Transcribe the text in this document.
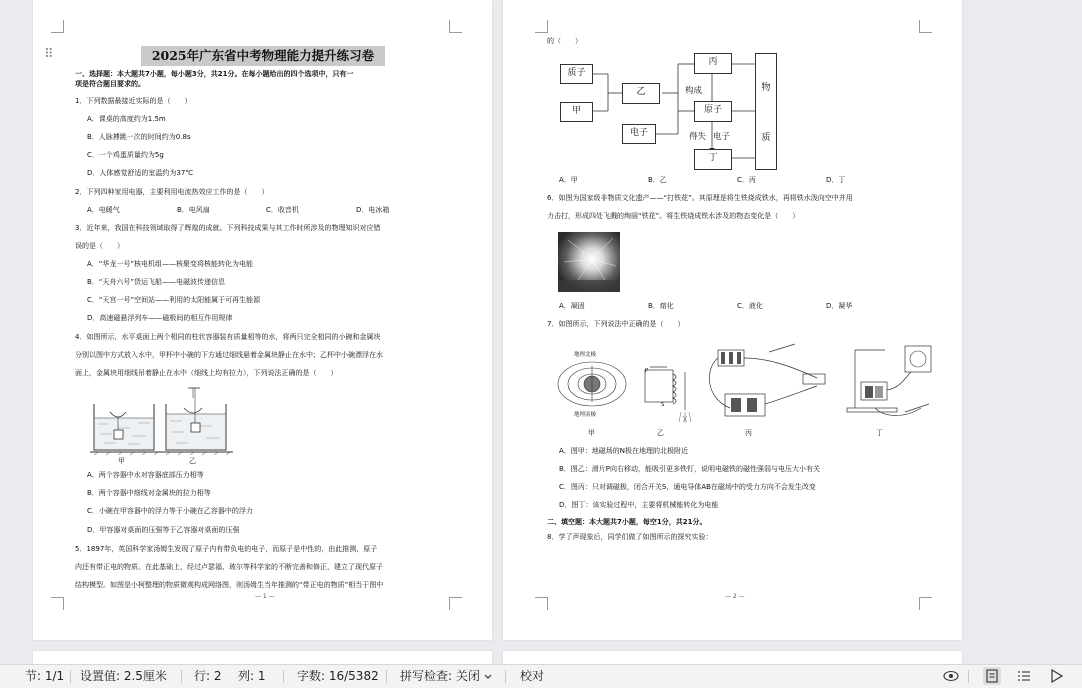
⠿	2025年广东省中考物理能力提升练习卷
一、选择题：本大题共7小题，每小题3分，共21分。在每小题给出的四个选项中，只有一
项是符合题目要求的。
1．下列数据最接近实际的是（　　）
A．课桌的高度约为1.5m
B．人脉搏跳一次的时间约为0.8s
C．一个鸡蛋质量约为5g
D．人体感觉舒适的室温约为37℃
2．下列四种家用电器，主要利用电流热效应工作的是（　　）
A．电暖气	B．电风扇	C．收音机	D．电冰箱
3．近年来，我国在科技领域取得了辉煌的成就。下列科技成果与其工作时所涉及的物理知识对应错
误的是（　　）
A．“华龙一号”核电机组——核聚变将核能转化为电能
B．“天舟六号”货运飞船——电磁波传递信息
C．“天宫一号”空间站——利用的太阳能属于可再生能源
D．高速磁悬浮列车——磁极间的相互作用规律
4．如图所示，水平桌面上两个相同的柱状容器装有质量相等的水，将两只完全相同的小碗和金属块
分别以图中方式放入水中，甲杯中小碗的下方通过细线悬着金属块静止在水中；乙杯中小碗漂浮在水
面上，金属块用细线吊着静止在水中（细线上均有拉力），下列说法正确的是（　　）
甲	乙
A．两个容器中水对容器底部压力相等
B．两个容器中细线对金属块的拉力相等
C．小碗在甲容器中的浮力等于小碗在乙容器中的浮力
D．甲容器对桌面的压强等于乙容器对桌面的压强
5．1897年，英国科学家汤姆生发现了原子内有带负电的电子，而原子是中性的，由此推测，原子
内还有带正电的物质。在此基础上，经过卢瑟福、玻尔等科学家的不断完善和修正，建立了现代原子
结构模型。如图是小柯整理的物质微观构成网络图，则汤姆生当年推测的“带正电的物质”相当于图中
— 1 —
的（　　）
质子
甲
乙
电子
丙
原子
丁
物
质
构成
得失 电子
A．甲	B．乙	C．丙	D．丁
6．如图为国家级非物质文化遗产——“打铁花”。其原理是将生铁烧成铁水，再将铁水泼向空中并用
力击打，形成四处飞溅的绚丽“铁花”。将生铁烧成铁水涉及的物态变化是（　　）
A．凝固	B．熔化	C．液化	D．凝华
7．如图所示，下列说法中正确的是（　　）
地理北极
地理南极
P
S
甲	乙	丙	丁
A．图甲：地磁场的N极在地理的北极附近
B．图乙：滑片P向右移动，能吸引更多铁钉，说明电磁铁的磁性强弱与电压大小有关
C．图丙：只对调磁极，闭合开关S，通电导体AB在磁场中的受力方向不会发生改变
D．图丁：该实验过程中，主要将机械能转化为电能
二、填空题：本大题共7小题，每空1分，共21分。
8．学了声现象后，同学们做了如图所示的探究实验：
— 2 —
节: 1/1 设置值: 2.5厘米 行: 2 列: 1	字数: 16/5382 拼写检查: 关闭	校对
